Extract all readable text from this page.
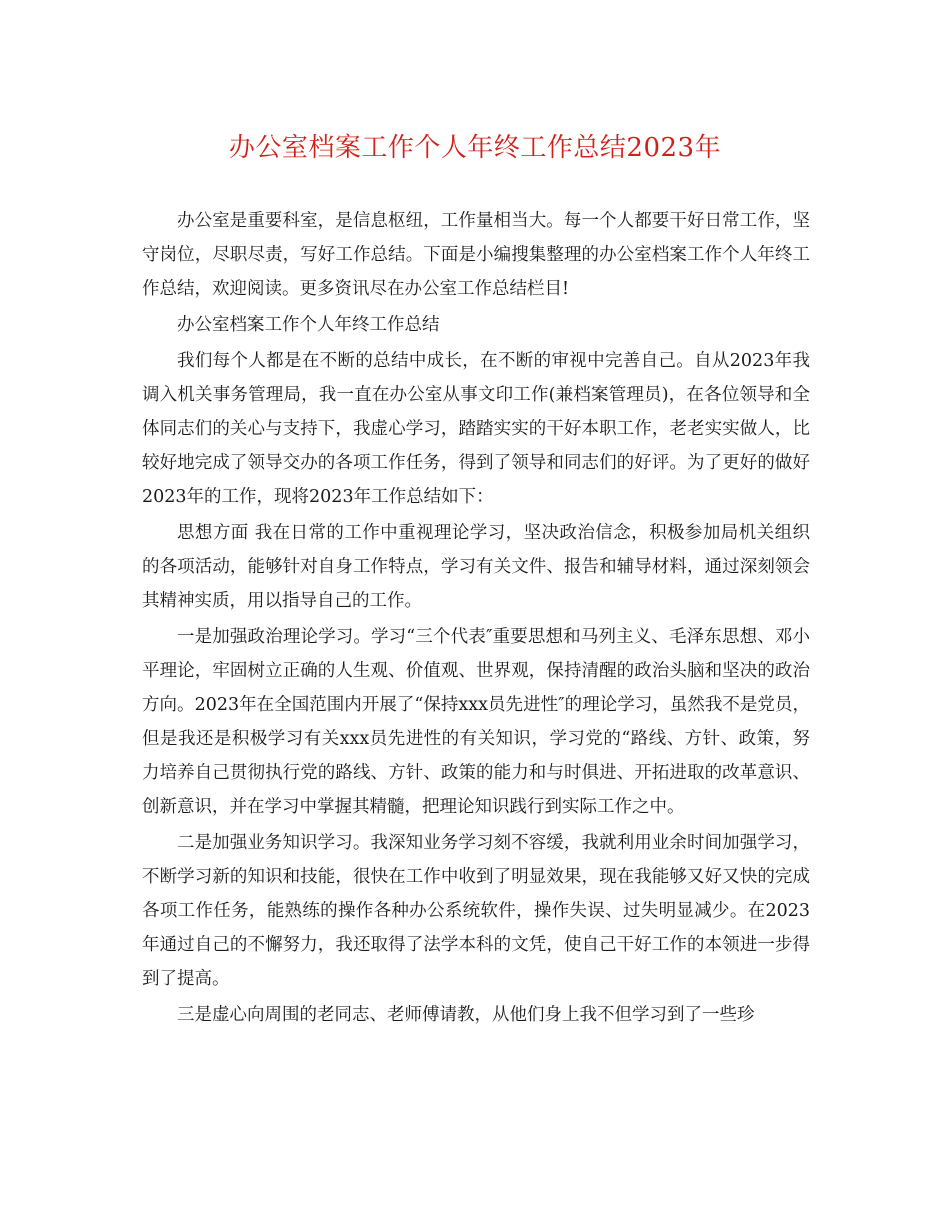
办公室档案工作个人年终工作总结2023年

办公室是重要科室，是信息枢纽，工作量相当大。每一个人都要干好日常工作，坚守岗位，尽职尽责，写好工作总结。下面是小编搜集整理的办公室档案工作个人年终工作总结，欢迎阅读。更多资讯尽在办公室工作总结栏目!

办公室档案工作个人年终工作总结

我们每个人都是在不断的总结中成长，在不断的审视中完善自己。自从2023年我调入机关事务管理局，我一直在办公室从事文印工作(兼档案管理员)，在各位领导和全体同志们的关心与支持下，我虚心学习，踏踏实实的干好本职工作，老老实实做人，比较好地完成了领导交办的各项工作任务，得到了领导和同志们的好评。为了更好的做好2023年的工作，现将2023年工作总结如下：

思想方面 我在日常的工作中重视理论学习，坚决政治信念，积极参加局机关组织的各项活动，能够针对自身工作特点，学习有关文件、报告和辅导材料，通过深刻领会其精神实质，用以指导自己的工作。

一是加强政治理论学习。学习“三个代表″重要思想和马列主义、毛泽东思想、邓小平理论，牢固树立正确的人生观、价值观、世界观，保持清醒的政治头脑和坚决的政治方向。2023年在全国范围内开展了“保持xxx员先进性″的理论学习，虽然我不是党员，但是我还是积极学习有关xxx员先进性的有关知识，学习党的“路线、方针、政策，努力培养自己贯彻执行党的路线、方针、政策的能力和与时俱进、开拓进取的改革意识、创新意识，并在学习中掌握其精髓，把理论知识践行到实际工作之中。

二是加强业务知识学习。我深知业务学习刻不容缓，我就利用业余时间加强学习，不断学习新的知识和技能，很快在工作中收到了明显效果，现在我能够又好又快的完成各项工作任务，能熟练的操作各种办公系统软件，操作失误、过失明显减少。在2023年通过自己的不懈努力，我还取得了法学本科的文凭，使自己干好工作的本领进一步得到了提高。

三是虚心向周围的老同志、老师傅请教，从他们身上我不但学习到了一些珍
